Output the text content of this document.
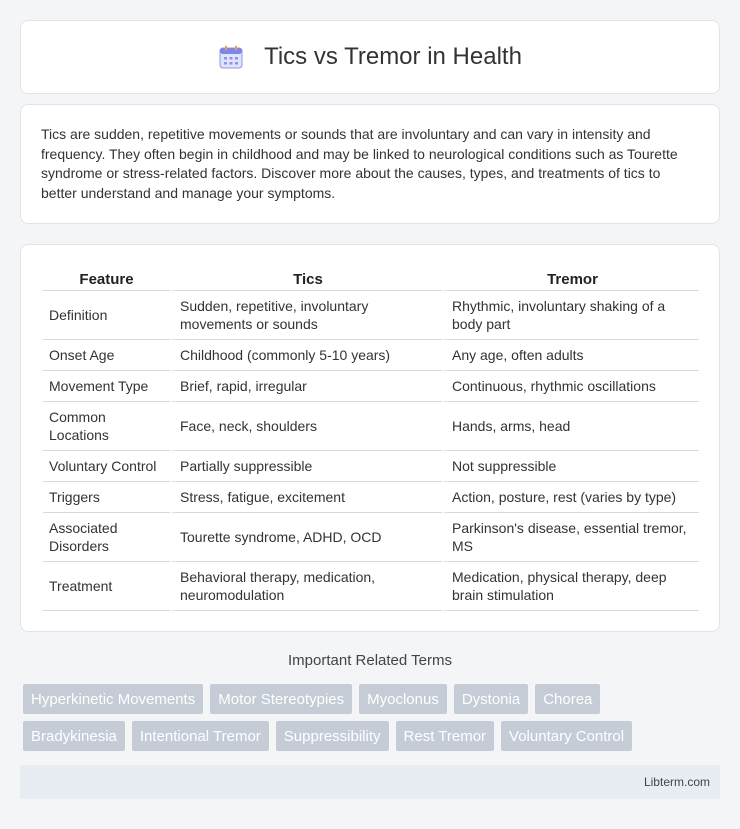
Tics vs Tremor in Health

Tics are sudden, repetitive movements or sounds that are involuntary and can vary in intensity and frequency. They often begin in childhood and may be linked to neurological conditions such as Tourette syndrome or stress-related factors. Discover more about the causes, types, and treatments of tics to better understand and manage your symptoms.

Feature	Tics	Tremor
Definition	Sudden, repetitive, involuntary movements or sounds	Rhythmic, involuntary shaking of a body part
Onset Age	Childhood (commonly 5-10 years)	Any age, often adults
Movement Type	Brief, rapid, irregular	Continuous, rhythmic oscillations
Common Locations	Face, neck, shoulders	Hands, arms, head
Voluntary Control	Partially suppressible	Not suppressible
Triggers	Stress, fatigue, excitement	Action, posture, rest (varies by type)
Associated Disorders	Tourette syndrome, ADHD, OCD	Parkinson's disease, essential tremor, MS
Treatment	Behavioral therapy, medication, neuromodulation	Medication, physical therapy, deep brain stimulation
Important Related Terms
Hyperkinetic Movements	Motor Stereotypies	Myoclonus	Dystonia	Chorea
Bradykinesia	Intentional Tremor	Suppressibility	Rest Tremor	Voluntary Control
Libterm.com
